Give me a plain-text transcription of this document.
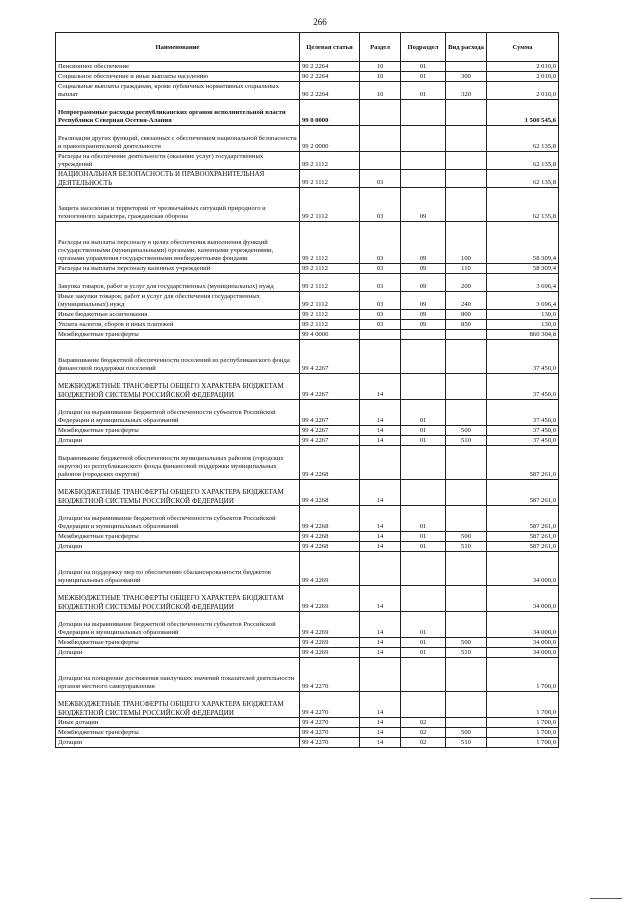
266
Наименование	Целевая статья	Раздел	Подраздел	Вид расхода	Сумма
Пенсионное обеспечение	90 2 2264	10	01		2 010,0
Социальное обеспечение и иные выплаты населению	90 2 2264	10	01	300	2 010,0
Социальные выплаты гражданам, кроме публичных нормативных социальных выплат	90 2 2264	10	01	320	2 010,0
Непрограммные расходы республиканских органов исполнительной власти Республики Северная Осетия-Алания	99 0 0000				1 500 545,6
Реализация других функций, связанных с обеспечением национальной безопасности и правоохранительной деятельности	99 2 0000				62 135,8
Расходы на обеспечение деятельности (оказание услуг) государственных учреждений	99 2 1112				62 135,8
НАЦИОНАЛЬНАЯ БЕЗОПАСНОСТЬ И ПРАВООХРАНИТЕЛЬНАЯ ДЕЯТЕЛЬНОСТЬ	99 2 1112	03			62 135,8
Защита населения и территории от чрезвычайных ситуаций природного и техногенного характера, гражданская оборона	99 2 1112	03	09		62 135,8
Расходы на выплаты персоналу в целях обеспечения выполнения функций государственными (муниципальными) органами, казенными учреждениями, органами управления государственными внебюджетными фондами	99 2 1112	03	09	100	58 309,4
Расходы на выплаты персоналу казенных учреждений	99 2 1112	03	09	110	58 309,4
Закупка товаров, работ и услуг для государственных (муниципальных) нужд	99 2 1112	03	09	200	3 696,4
Иные закупки товаров, работ и услуг для обеспечения государственных (муниципальных) нужд	99 2 1112	03	09	240	3 696,4
Иные бюджетные ассигнования	99 2 1112	03	09	800	130,0
Уплата налогов, сборов и иных платежей	99 2 1112	03	09	850	130,0
Межбюджетные трансферты	99 4 0000				860 304,8
Выравнивание бюджетной обеспеченности поселений из республиканского фонда финансовой поддержки поселений	99 4 2267				37 450,0
МЕЖБЮДЖЕТНЫЕ ТРАНСФЕРТЫ ОБЩЕГО ХАРАКТЕРА БЮДЖЕТАМ БЮДЖЕТНОЙ СИСТЕМЫ РОССИЙСКОЙ ФЕДЕРАЦИИ	99 4 2267	14			37 450,0
Дотации на выравнивание бюджетной обеспеченности субъектов Российской Федерации и муниципальных образований	99 4 2267	14	01		37 450,0
Межбюджетные трансферты	99 4 2267	14	01	500	37 450,0
Дотации	99 4 2267	14	01	510	37 450,0
Выравнивание бюджетной обеспеченности муниципальных районов (городских округов) из республиканского фонда финансовой поддержки муниципальных районов (городских округов)	99 4 2268				587 261,0
МЕЖБЮДЖЕТНЫЕ ТРАНСФЕРТЫ ОБЩЕГО ХАРАКТЕРА БЮДЖЕТАМ БЮДЖЕТНОЙ СИСТЕМЫ РОССИЙСКОЙ ФЕДЕРАЦИИ	99 4 2268	14			587 261,0
Дотации на выравнивание бюджетной обеспеченности субъектов Российской Федерации и муниципальных образований	99 4 2268	14	01		587 261,0
Межбюджетные трансферты	99 4 2268	14	01	500	587 261,0
Дотации	99 4 2268	14	01	510	587 261,0
Дотации на поддержку мер по обеспечению сбалансированности бюджетов муниципальных образований	99 4 2269				34 000,0
МЕЖБЮДЖЕТНЫЕ ТРАНСФЕРТЫ ОБЩЕГО ХАРАКТЕРА БЮДЖЕТАМ БЮДЖЕТНОЙ СИСТЕМЫ РОССИЙСКОЙ ФЕДЕРАЦИИ	99 4 2269	14			34 000,0
Дотации на выравнивание бюджетной обеспеченности субъектов Российской Федерации и муниципальных образований	99 4 2269	14	01		34 000,0
Межбюджетные трансферты	99 4 2269	14	01	500	34 000,0
Дотации	99 4 2269	14	01	510	34 000,0
Дотации на поощрение достижения наилучших значений показателей деятельности органов местного самоуправления	99 4 2270				1 700,0
МЕЖБЮДЖЕТНЫЕ ТРАНСФЕРТЫ ОБЩЕГО ХАРАКТЕРА БЮДЖЕТАМ БЮДЖЕТНОЙ СИСТЕМЫ РОССИЙСКОЙ ФЕДЕРАЦИИ	99 4 2270	14			1 700,0
Иные дотации	99 4 2270	14	02		1 700,0
Межбюджетные трансферты	99 4 2270	14	02	500	1 700,0
Дотации	99 4 2270	14	02	510	1 700,0
